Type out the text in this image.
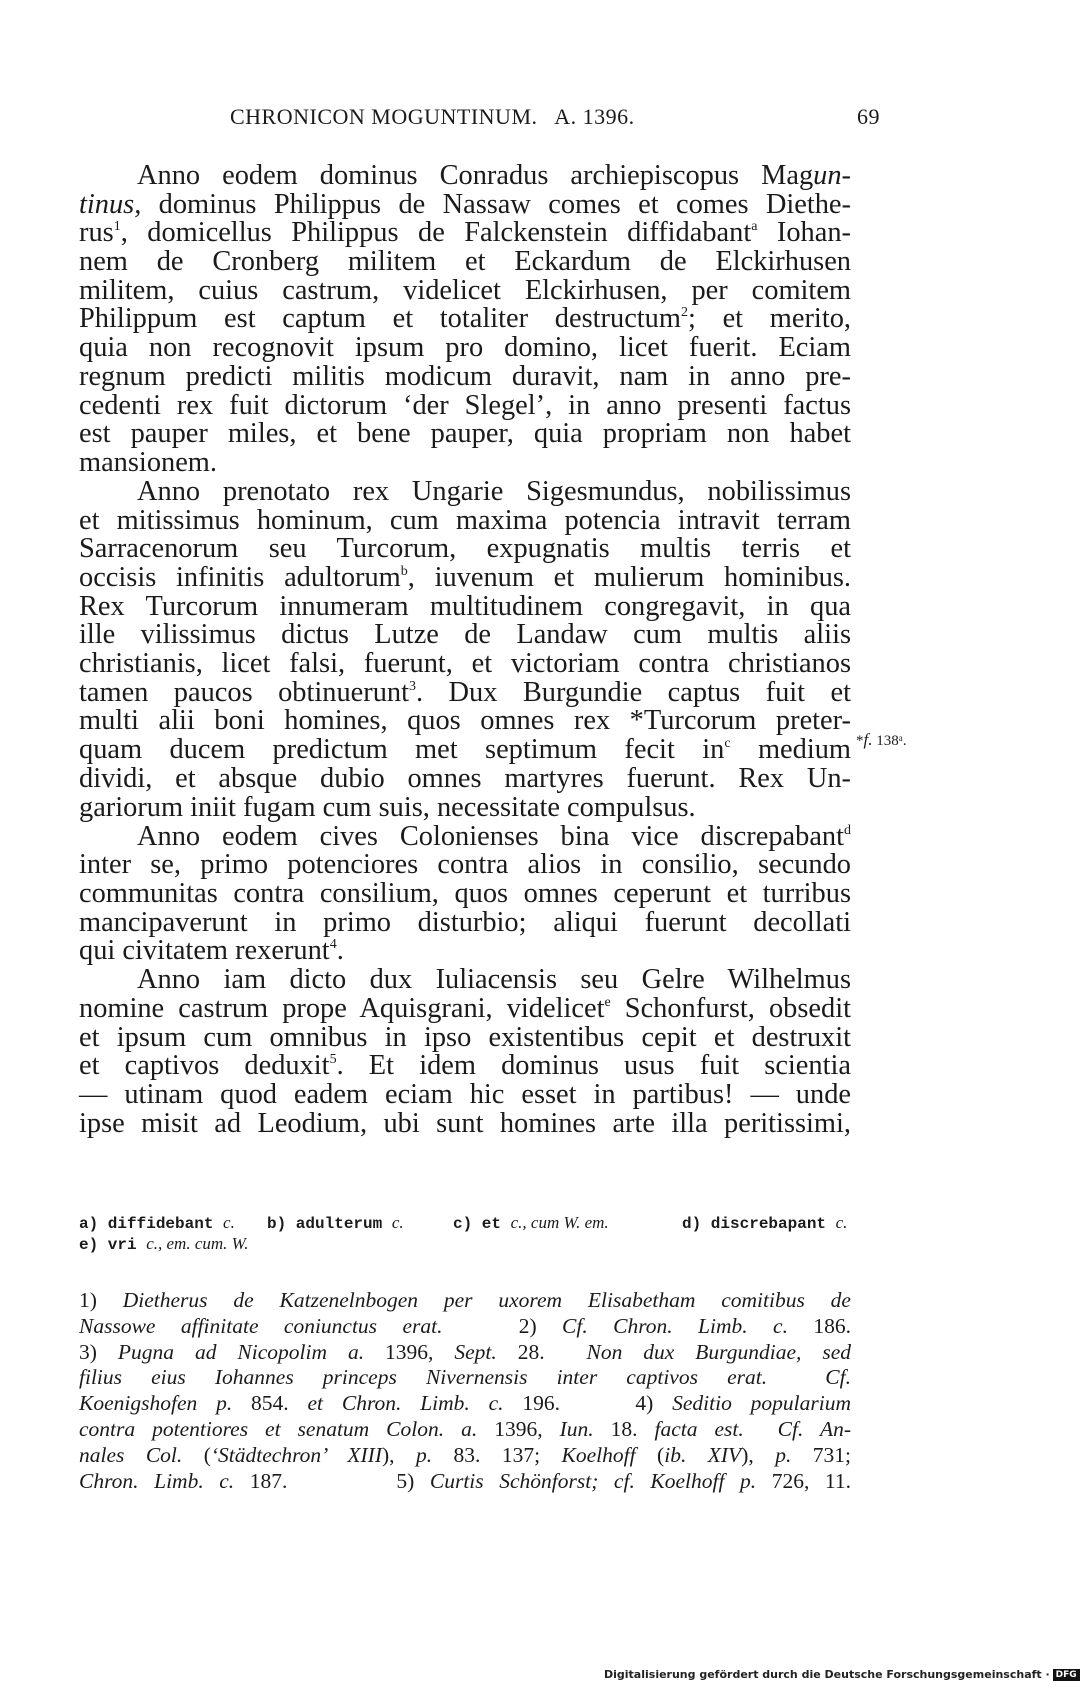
CHRONICON MOGUNTINUM.   A. 1396.	69
Anno eodem dominus Conradus archiepiscopus Magun-
tinus, dominus Philippus de Nassaw comes et comes Diethe-
rus$^1$, domicellus Philippus de Falckenstein diffidabant$^a$ Iohan-
nem de Cronberg militem et Eckardum de Elckirhusen
militem, cuius castrum, videlicet Elckirhusen, per comitem
Philippum est captum et totaliter destructum$^2$; et merito,
quia non recognovit ipsum pro domino, licet fuerit. Eciam
regnum predicti militis modicum duravit, nam in anno pre-
cedenti rex fuit dictorum ‘der Slegel’, in anno presenti factus
est pauper miles, et bene pauper, quia propriam non habet
mansionem.
Anno prenotato rex Ungarie Sigesmundus, nobilissimus
et mitissimus hominum, cum maxima potencia intravit terram
Sarracenorum seu Turcorum, expugnatis multis terris et
occisis infinitis adultorum$^b$, iuvenum et mulierum hominibus.
Rex Turcorum innumeram multitudinem congregavit, in qua
ille vilissimus dictus Lutze de Landaw cum multis aliis
christianis, licet falsi, fuerunt, et victoriam contra christianos
tamen paucos obtinuerunt$^3$. Dux Burgundie captus fuit et
multi alii boni homines, quos omnes rex *Turcorum preter-
quam ducem predictum met septimum fecit $in^c$ medium
dividi, et absque dubio omnes martyres fuerunt. Rex Un-
gariorum iniit fugam cum suis, necessitate compulsus.
Anno eodem cives Colonienses bina vice discrepabant$^d$
inter se, primo potenciores contra alios in consilio, secundo
communitas contra consilium, quos omnes ceperunt et turribus
mancipaverunt in primo disturbio; aliqui fuerunt decollati
qui civitatem rexerunt$^4$.
Anno iam dicto dux Iuliacensis seu Gelre Wilhelmus
nomine castrum prope Aquisgrani, videlicet$^e$ Schonfurst, obsedit
et ipsum cum omnibus in ipso existentibus cepit et destruxit
et captivos deduxit$^5$. Et idem dominus usus fuit scientia
— utinam quod eadem eciam hic esset in partibus! — unde
ipse misit ad Leodium, ubi sunt homines arte illa peritissimi,
*f. 138ᵃ.
a) diffidebant c. b) adulterum c.	c) et c., cum W. em.	d) discrebapant c.
e) vri c., em. cum. W.
1) Dietherus de Katzenelnbogen per uxorem Elisabetham comitibus de
Nassowe affinitate coniunctus erat.   2) Cf. Chron. Limb. c. 186.
3) Pugna ad Nicopolim a. 1396, Sept. 28.  Non dux Burgundiae, sed
filius eius Iohannes princeps Nivernensis inter captivos erat.  Cf.
Koenigshofen p. 854. et Chron. Limb. c. 196.    4) Seditio popularium
contra potentiores et senatum Colon. a. 1396, Iun. 18. facta est.  Cf. An-
nales Col. (‘Städtechron’ XIII), p. 83. 137; Koelhoff (ib. XIV), p. 731;
Chron. Limb. c. 187.       5) Curtis Schönforst; cf. Koelhoff p. 726, 11.
Digitalisierung gefördert durch die Deutsche Forschungsgemeinschaft · DFG
